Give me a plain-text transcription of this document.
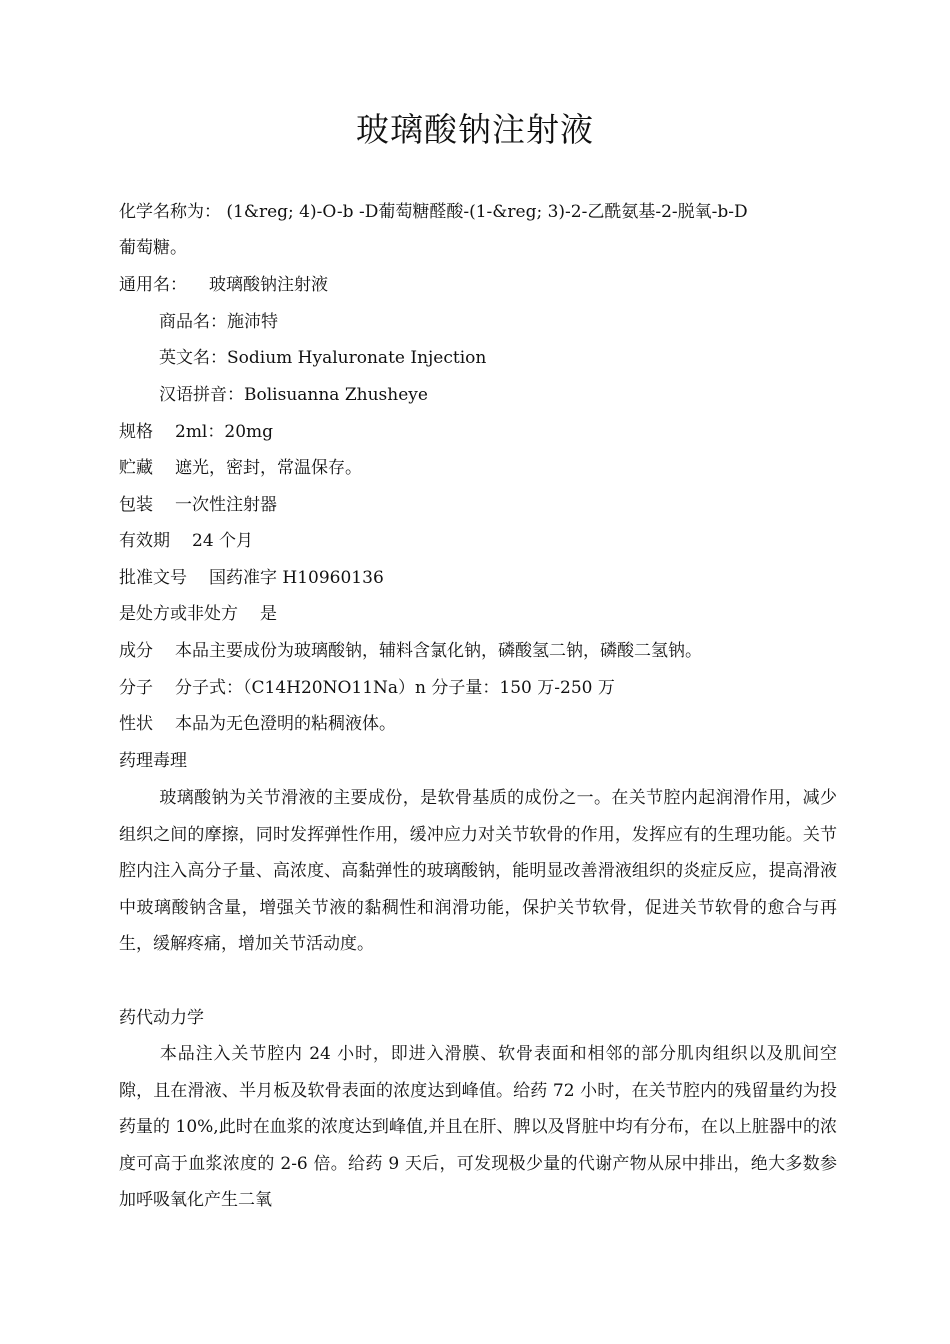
玻璃酸钠注射液
化学名称为： (1&reg; 4)-O-b -D葡萄糖醛酸-(1-&reg; 3)-2-乙酰氨基-2-脱氧-b-D
葡萄糖。
通用名： 玻璃酸钠注射液
商品名：施沛特
英文名：Sodium Hyaluronate Injection
汉语拼音：Bolisuanna Zhusheye
规格 2ml：20mg
贮藏 遮光，密封，常温保存。
包装 一次性注射器
有效期 24 个月
批准文号 国药准字 H10960136
是处方或非处方 是
成分 本品主要成份为玻璃酸钠，辅料含氯化钠，磷酸氢二钠，磷酸二氢钠。
分子 分子式：（C14H20NO11Na）n 分子量：150 万-250 万
性状 本品为无色澄明的粘稠液体。
药理毒理
玻璃酸钠为关节滑液的主要成份，是软骨基质的成份之一。在关节腔内起润滑作用，减少组织之间的摩擦，同时发挥弹性作用，缓冲应力对关节软骨的作用，发挥应有的生理功能。关节腔内注入高分子量、高浓度、高黏弹性的玻璃酸钠，能明显改善滑液组织的炎症反应，提高滑液中玻璃酸钠含量，增强关节液的黏稠性和润滑功能，保护关节软骨，促进关节软骨的愈合与再生，缓解疼痛，增加关节活动度。
药代动力学
本品注入关节腔内 24 小时，即进入滑膜、软骨表面和相邻的部分肌肉组织以及肌间空隙，且在滑液、半月板及软骨表面的浓度达到峰值。给药 72 小时，在关节腔内的残留量约为投药量的 10%,此时在血浆的浓度达到峰值,并且在肝、脾以及肾脏中均有分布，在以上脏器中的浓度可高于血浆浓度的 2-6 倍。给药 9 天后，可发现极少量的代谢产物从尿中排出，绝大多数参加呼吸氧化产生二氧
